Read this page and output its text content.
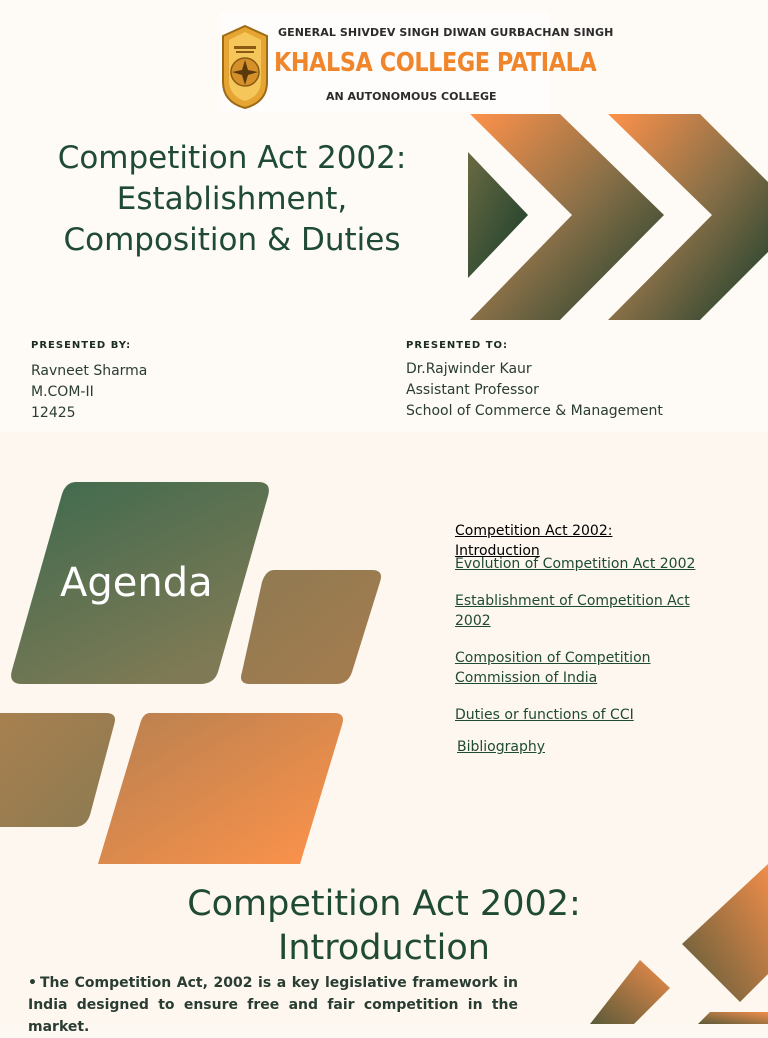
GENERAL SHIVDEV SINGH DIWAN GURBACHAN SINGH
KHALSA COLLEGE PATIALA
AN AUTONOMOUS COLLEGE
Competition Act 2002:
Establishment,
Composition & Duties
PRESENTED BY:
Ravneet Sharma
M.COM-II
12425
PRESENTED TO:
Dr.Rajwinder Kaur
Assistant Professor
School of Commerce & Management
Agenda
Competition Act 2002:
Introduction
Evolution of Competition Act 2002
Establishment of Competition Act
2002
Composition of Competition
Commission of India
Duties or functions of CCI
Bibliography
Competition Act 2002:
Introduction
• The Competition Act, 2002 is a key legislative framework in India designed to ensure free and fair competition in the market.
